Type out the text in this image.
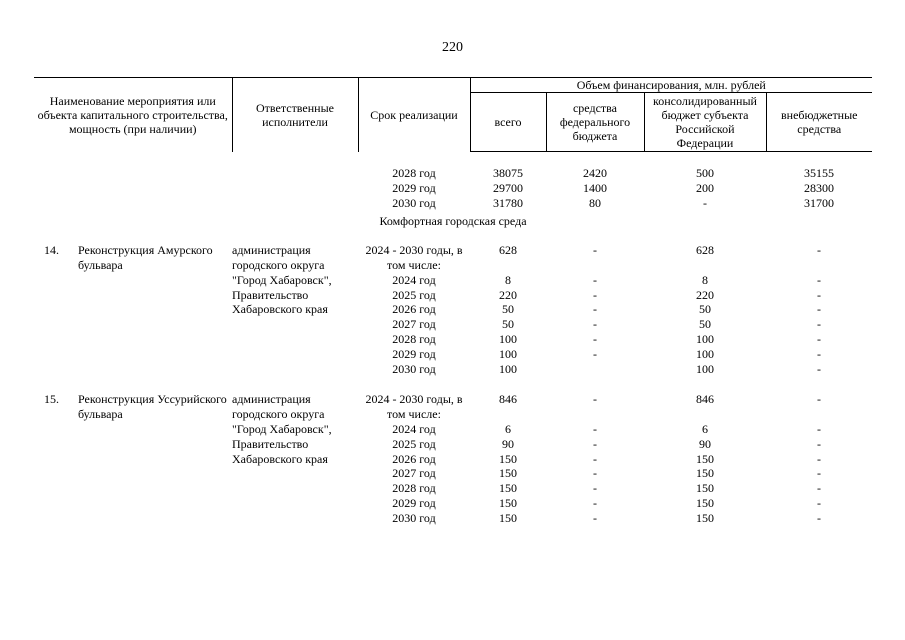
220
Наименование мероприятия или объекта капитального строительства, мощность (при наличии)		Ответственные исполнители	Срок реализации	Объем финансирования, млн. рублей			
				всего	средства федерального бюджета	консолидированный бюджет субъекта Российской Федерации	внебюджетные средства

			2028 год	38075	2420	500	35155
			2029 год	29700	1400	200	28300
			2030 год	31780	80	-	31700
Комфортная городская среда							
14.	Реконструкция Амурского бульвара	администрация городского округа "Город Хабаровск", Правительство Хабаровского края	2024 - 2030 годы, в том числе:	628	-	628	-
			2024 год	8	-	8	-
			2025 год	220	-	220	-
			2026 год	50	-	50	-
			2027 год	50	-	50	-
			2028 год	100	-	100	-
			2029 год	100	-	100	-
			2030 год	100		100	-

15.	Реконструкция Уссурийского бульвара	администрация городского округа "Город Хабаровск", Правительство Хабаровского края	2024 - 2030 годы, в том числе:	846	-	846	-
			2024 год	6	-	6	-
			2025 год	90	-	90	-
			2026 год	150	-	150	-
			2027 год	150	-	150	-
			2028 год	150	-	150	-
			2029 год	150	-	150	-
			2030 год	150	-	150	-
